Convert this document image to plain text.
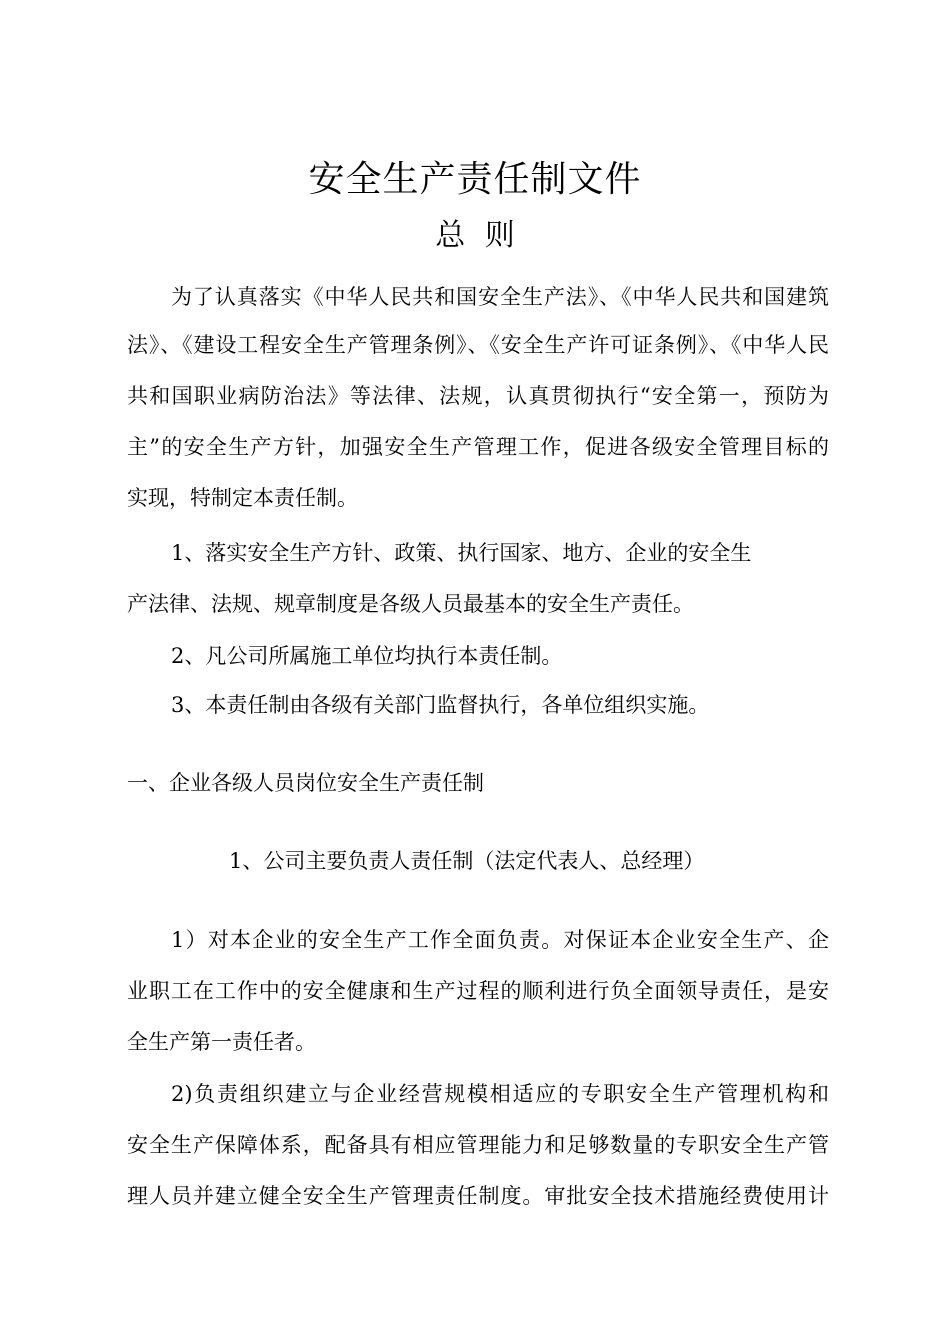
安全生产责任制文件
总 则

为了认真落实《中华人民共和国安全生产法》、《中华人民共和国建筑

法》、《建设工程安全生产管理条例》、《安全生产许可证条例》、《中华人民

共和国职业病防治法》等法律、法规，认真贯彻执行“安全第一，预防为

主”的安全生产方针，加强安全生产管理工作，促进各级安全管理目标的

实现，特制定本责任制。

1、落实安全生产方针、政策、执行国家、地方、企业的安全生

产法律、法规、规章制度是各级人员最基本的安全生产责任。

2、凡公司所属施工单位均执行本责任制。

3、本责任制由各级有关部门监督执行，各单位组织实施。

一、企业各级人员岗位安全生产责任制

1、公司主要负责人责任制（法定代表人、总经理）

1）对本企业的安全生产工作全面负责。对保证本企业安全生产、企

业职工在工作中的安全健康和生产过程的顺利进行负全面领导责任，是安

全生产第一责任者。

2)负责组织建立与企业经营规模相适应的专职安全生产管理机构和

安全生产保障体系，配备具有相应管理能力和足够数量的专职安全生产管

理人员并建立健全安全生产管理责任制度。审批安全技术措施经费使用计
